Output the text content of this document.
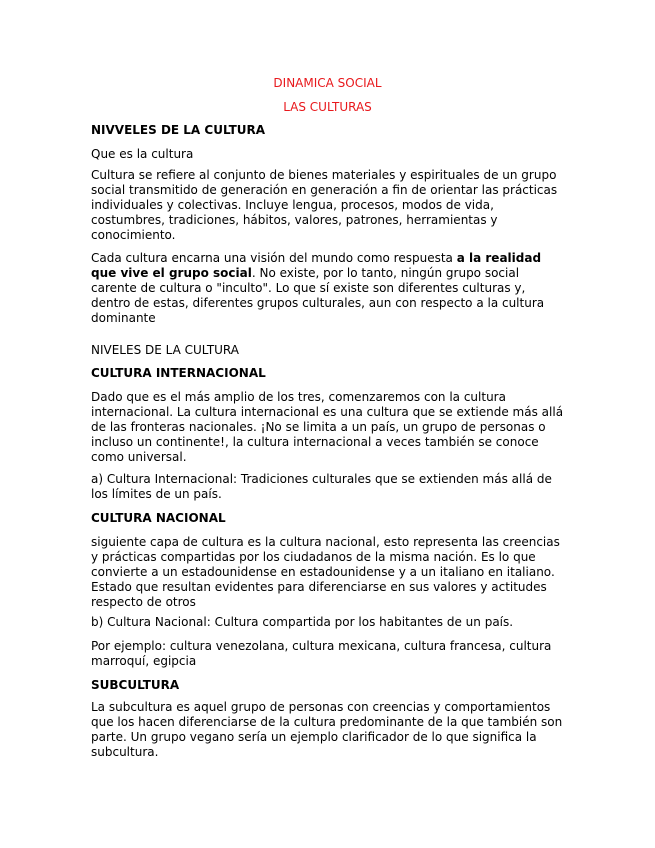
DINAMICA SOCIAL
LAS CULTURAS
NIVVELES DE LA CULTURA
Que es la cultura

Cultura se refiere al conjunto de bienes materiales y espirituales de un grupo social transmitido de generación en generación a fin de orientar las prácticas individuales y colectivas. Incluye lengua, procesos, modos de vida, costumbres, tradiciones, hábitos, valores, patrones, herramientas y conocimiento.

Cada cultura encarna una visión del mundo como respuesta a la realidad que vive el grupo social. No existe, por lo tanto, ningún grupo social carente de cultura o "inculto". Lo que sí existe son diferentes culturas y, dentro de estas, diferentes grupos culturales, aun con respecto a la cultura dominante

NIVELES DE LA CULTURA
CULTURA INTERNACIONAL

Dado que es el más amplio de los tres, comenzaremos con la cultura internacional. La cultura internacional es una cultura que se extiende más allá de las fronteras nacionales. ¡No se limita a un país, un grupo de personas o incluso un continente!, la cultura internacional a veces también se conoce como universal.

a) Cultura Internacional: Tradiciones culturales que se extienden más allá de los límites de un país.

CULTURA NACIONAL

siguiente capa de cultura es la cultura nacional, esto representa las creencias y prácticas compartidas por los ciudadanos de la misma nación. Es lo que convierte a un estadounidense en estadounidense y a un italiano en italiano. Estado que resultan evidentes para diferenciarse en sus valores y actitudes respecto de otros

b) Cultura Nacional: Cultura compartida por los habitantes de un país.

Por ejemplo: cultura venezolana, cultura mexicana, cultura francesa, cultura marroquí, egipcia

SUBCULTURA

La subcultura es aquel grupo de personas con creencias y comportamientos que los hacen diferenciarse de la cultura predominante de la que también son parte. Un grupo vegano sería un ejemplo clarificador de lo que significa la subcultura.
